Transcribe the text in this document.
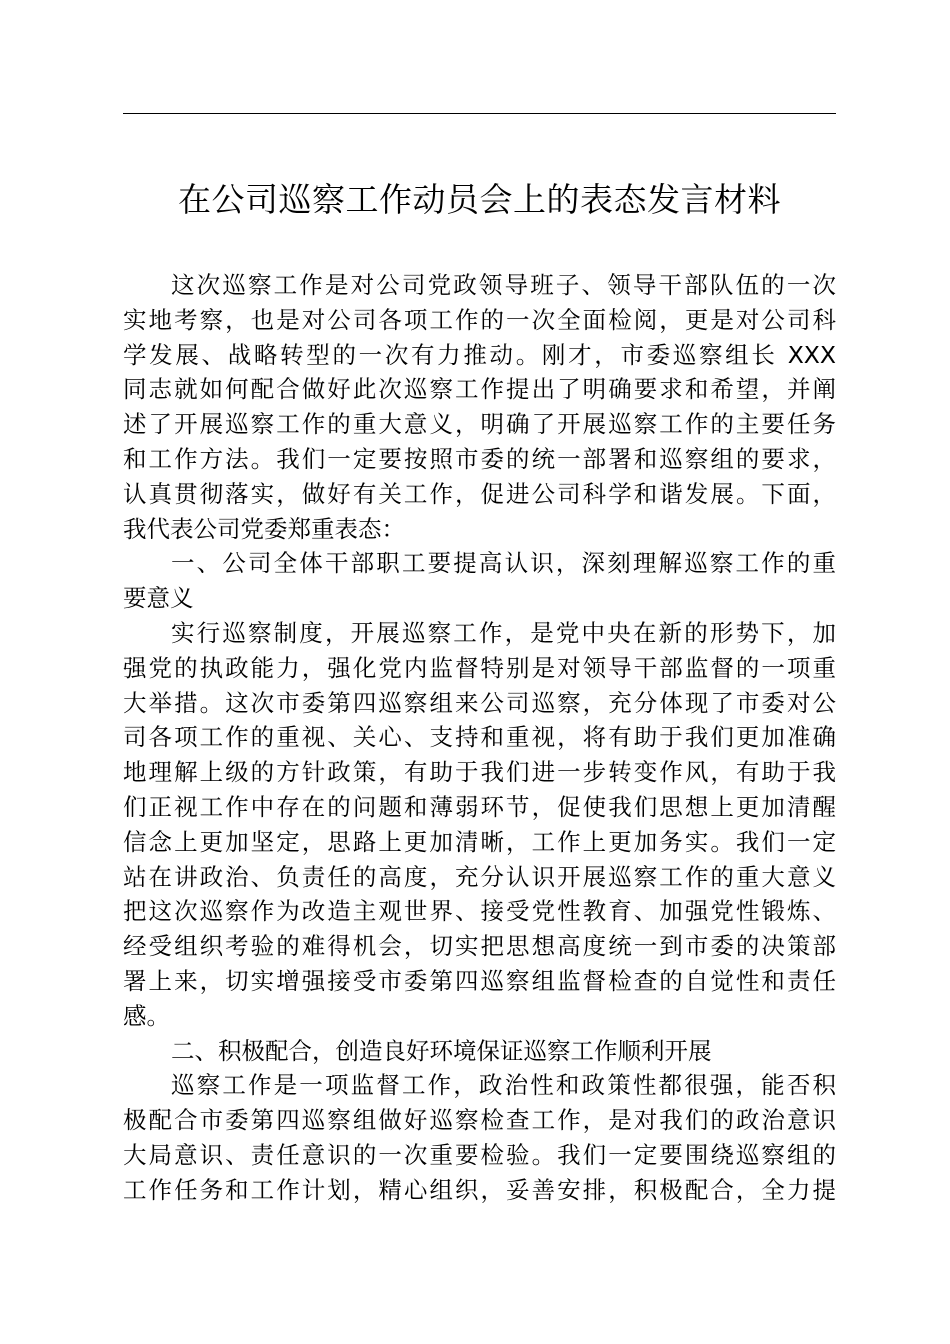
在公司巡察工作动员会上的表态发言材料
这次巡察工作是对公司党政领导班子、领导干部队伍的一次
实地考察，也是对公司各项工作的一次全面检阅，更是对公司科
学发展、战略转型的一次有力推动。刚才，市委巡察组长 XXX
同志就如何配合做好此次巡察工作提出了明确要求和希望，并阐
述了开展巡察工作的重大意义，明确了开展巡察工作的主要任务
和工作方法。我们一定要按照市委的统一部署和巡察组的要求，
认真贯彻落实，做好有关工作，促进公司科学和谐发展。下面，
我代表公司党委郑重表态：
一、公司全体干部职工要提高认识，深刻理解巡察工作的重
要意义
实行巡察制度，开展巡察工作，是党中央在新的形势下，加
强党的执政能力，强化党内监督特别是对领导干部监督的一项重
大举措。这次市委第四巡察组来公司巡察，充分体现了市委对公
司各项工作的重视、关心、支持和重视，将有助于我们更加准确
地理解上级的方针政策，有助于我们进一步转变作风，有助于我
们正视工作中存在的问题和薄弱环节，促使我们思想上更加清醒
信念上更加坚定，思路上更加清晰，工作上更加务实。我们一定
站在讲政治、负责任的高度，充分认识开展巡察工作的重大意义
把这次巡察作为改造主观世界、接受党性教育、加强党性锻炼、
经受组织考验的难得机会，切实把思想高度统一到市委的决策部
署上来，切实增强接受市委第四巡察组监督检查的自觉性和责任
感。
二、积极配合，创造良好环境保证巡察工作顺利开展
巡察工作是一项监督工作，政治性和政策性都很强，能否积
极配合市委第四巡察组做好巡察检查工作，是对我们的政治意识
大局意识、责任意识的一次重要检验。我们一定要围绕巡察组的
工作任务和工作计划，精心组织，妥善安排，积极配合，全力提
